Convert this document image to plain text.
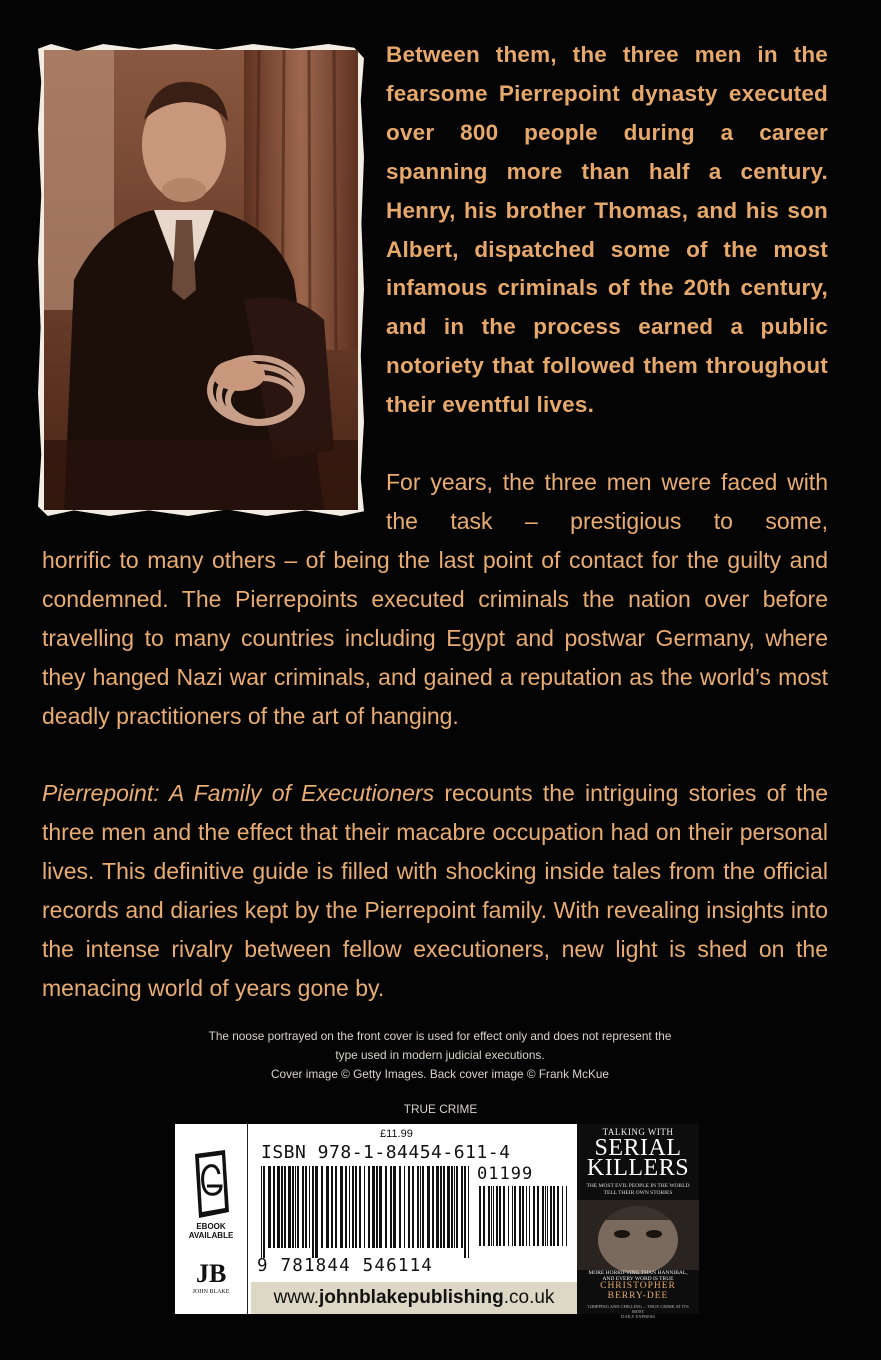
Between them, the three men in the fearsome Pierrepoint dynasty executed over 800 people during a career spanning more than half a century. Henry, his brother Thomas, and his son Albert, dispatched some of the most infamous criminals of the 20th century, and in the process earned a public notoriety that followed them throughout their eventful lives.
For years, the three men were faced with the task – prestigious to some,
horrific to many others – of being the last point of contact for the guilty and condemned. The Pierrepoints executed criminals the nation over before travelling to many countries including Egypt and postwar Germany, where they hanged Nazi war criminals, and gained a reputation as the world’s most deadly practitioners of the art of hanging.
Pierrepoint: A Family of Executioners recounts the intriguing stories of the three men and the effect that their macabre occupation had on their personal lives. This definitive guide is filled with shocking inside tales from the official records and diaries kept by the Pierrepoint family. With revealing insights into the intense rivalry between fellow executioners, new light is shed on the menacing world of years gone by.
The noose portrayed on the front cover is used for effect only and does not represent the
type used in modern judicial executions.
Cover image © Getty Images. Back cover image © Frank McKue
TRUE CRIME
EBOOK
AVAILABLE
JB
JOHN BLAKE
£11.99
ISBN 978-1-84454-611-4
9 781844 546114
01199
www.johnblakepublishing.co.uk
TALKING WITH
SERIAL
KILLERS
THE MOST EVIL PEOPLE IN THE WORLD
TELL THEIR OWN STORIES
MORE HORRIFYING THAN HANNIBAL,
AND EVERY WORD IS TRUE
CHRISTOPHER
BERRY-DEE
'GRIPPING AND CHILLING ... TRUE CRIME AT ITS MOST
DAILY EXPRESS
